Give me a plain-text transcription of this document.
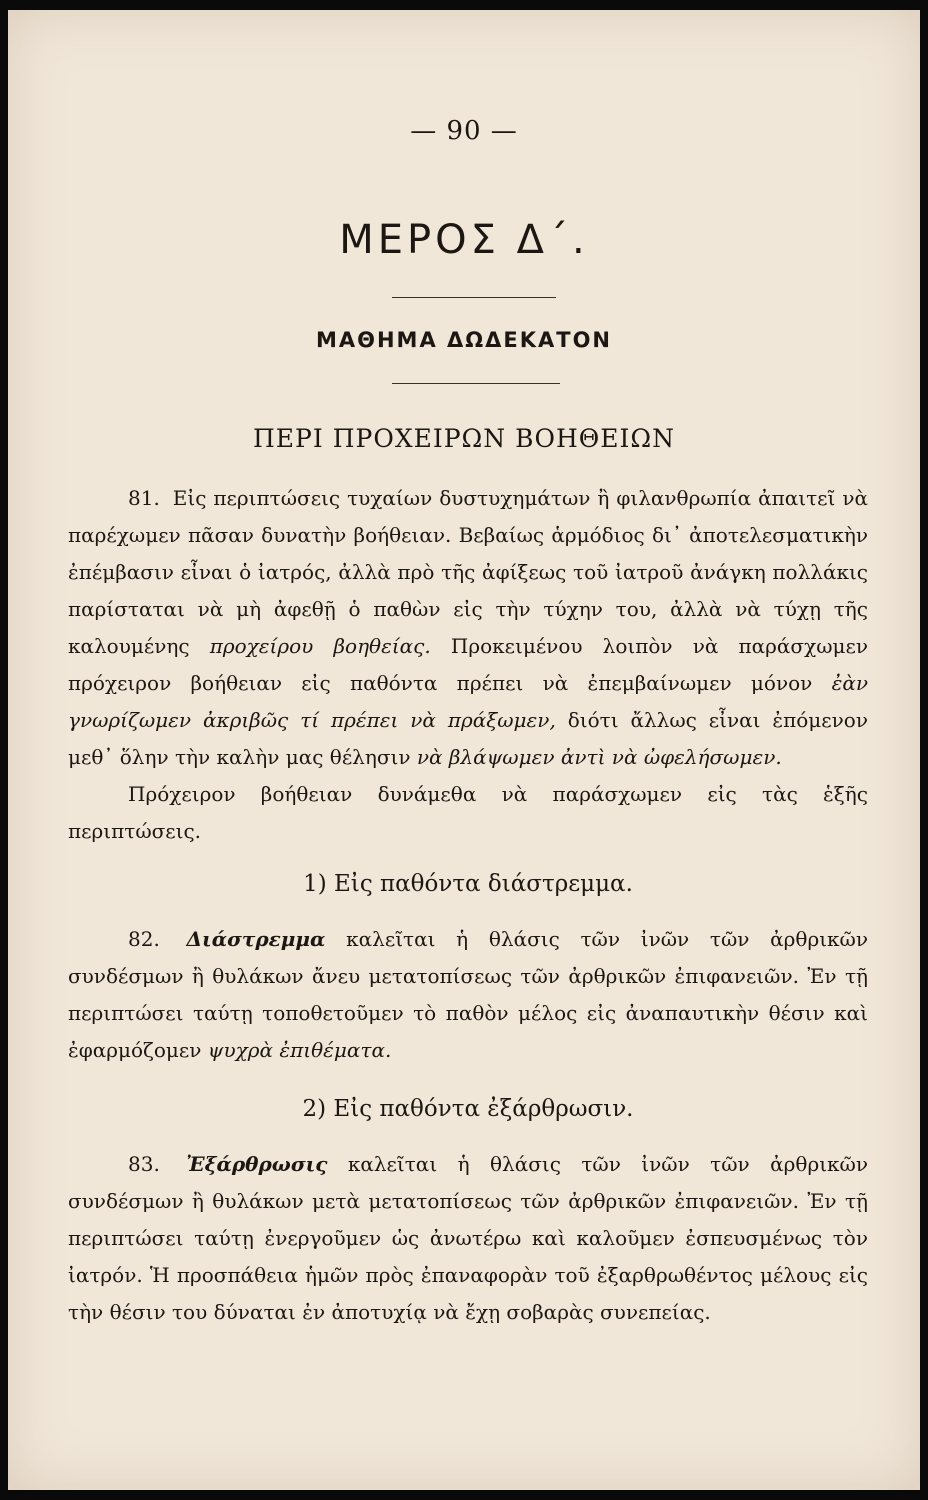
— 90 —
ΜΕΡΟΣ Δ΄.
ΜΑΘΗΜΑ ΔΩΔΕΚΑΤΟΝ
ΠΕΡΙ ΠΡΟΧΕΙΡΩΝ ΒΟΗΘΕΙΩΝ

81. Εἰς περιπτώσεις τυχαίων δυστυχημάτων ἢ φιλανθρωπία ἀπαιτεῖ νὰ παρέχωμεν πᾶσαν δυνατὴν βοήθειαν. Βεβαίως ἁρμόδιος δι᾽ ἀποτελεσματικὴν ἐπέμβασιν εἶναι ὁ ἰατρός, ἀλλὰ πρὸ τῆς ἀφίξεως τοῦ ἰατροῦ ἀνάγκη πολλάκις παρίσταται νὰ μὴ ἀφεθῇ ὁ παθὼν εἰς τὴν τύχην του, ἀλλὰ νὰ τύχῃ τῆς καλουμένης προχείρου βοηθείας. Προκειμένου λοιπὸν νὰ παράσχωμεν πρόχειρον βοήθειαν εἰς παθόντα πρέπει νὰ ἐπεμβαίνωμεν μόνον ἐὰν γνωρίζωμεν ἀκριβῶς τί πρέπει νὰ πράξωμεν, διότι ἄλλως εἶναι ἐπόμενον μεθ᾽ ὅλην τὴν καλὴν μας θέλησιν νὰ βλάψωμεν ἀντὶ νὰ ὠφελήσωμεν.

Πρόχειρον βοήθειαν δυνάμεθα νὰ παράσχωμεν εἰς τὰς ἑξῆς περιπτώσεις.

1) Εἰς παθόντα διάστρεμμα.

82. Διάστρεμμα καλεῖται ἡ θλάσις τῶν ἰνῶν τῶν ἀρθρικῶν συνδέσμων ἢ θυλάκων ἄνευ μετατοπίσεως τῶν ἀρθρικῶν ἐπιφανειῶν. Ἐν τῇ περιπτώσει ταύτῃ τοποθετοῦμεν τὸ παθὸν μέλος εἰς ἀναπαυτικὴν θέσιν καὶ ἐφαρμόζομεν ψυχρὰ ἐπιθέματα.

2) Εἰς παθόντα ἐξάρθρωσιν.

83. Ἐξάρθρωσις καλεῖται ἡ θλάσις τῶν ἰνῶν τῶν ἀρθρικῶν συνδέσμων ἢ θυλάκων μετὰ μετατοπίσεως τῶν ἀρθρικῶν ἐπιφανειῶν. Ἐν τῇ περιπτώσει ταύτῃ ἐνεργοῦμεν ὡς ἀνωτέρω καὶ καλοῦμεν ἐσπευσμένως τὸν ἰατρόν. Ἡ προσπάθεια ἡμῶν πρὸς ἐπαναφορὰν τοῦ ἐξαρθρωθέντος μέλους εἰς τὴν θέσιν του δύναται ἐν ἀποτυχίᾳ νὰ ἔχῃ σοβαρὰς συνεπείας.
